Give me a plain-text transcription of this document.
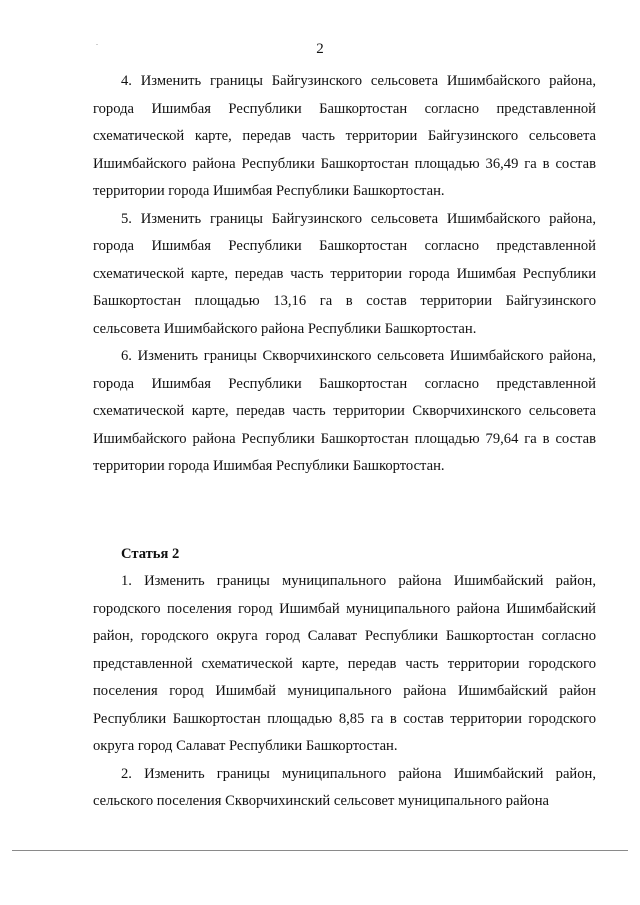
2

4. Изменить границы Байгузинского сельсовета Ишимбайского района, города Ишимбая Республики Башкортостан согласно представленной схематической карте, передав часть территории Байгузинского сельсовета Ишимбайского района Республики Башкортостан площадью 36,49 га в состав территории города Ишимбая Республики Башкортостан.

5. Изменить границы Байгузинского сельсовета Ишимбайского района, города Ишимбая Республики Башкортостан согласно представленной схематической карте, передав часть территории города Ишимбая Республики Башкортостан площадью 13,16 га в состав территории Байгузинского сельсовета Ишимбайского района Республики Башкортостан.

6. Изменить границы Скворчихинского сельсовета Ишимбайского района, города Ишимбая Республики Башкортостан согласно представленной схематической карте, передав часть территории Скворчихинского сельсовета Ишимбайского района Республики Башкортостан площадью 79,64 га в состав территории города Ишимбая Республики Башкортостан.

Статья 2

1. Изменить границы муниципального района Ишимбайский район, городского поселения город Ишимбай муниципального района Ишимбайский район, городского округа город Салават Республики Башкортостан согласно представленной схематической карте, передав часть территории городского поселения город Ишимбай муниципального района Ишимбайский район Республики Башкортостан площадью 8,85 га в состав территории городского округа город Салават Республики Башкортостан.

2. Изменить границы муниципального района Ишимбайский район, сельского поселения Скворчихинский сельсовет муниципального района
